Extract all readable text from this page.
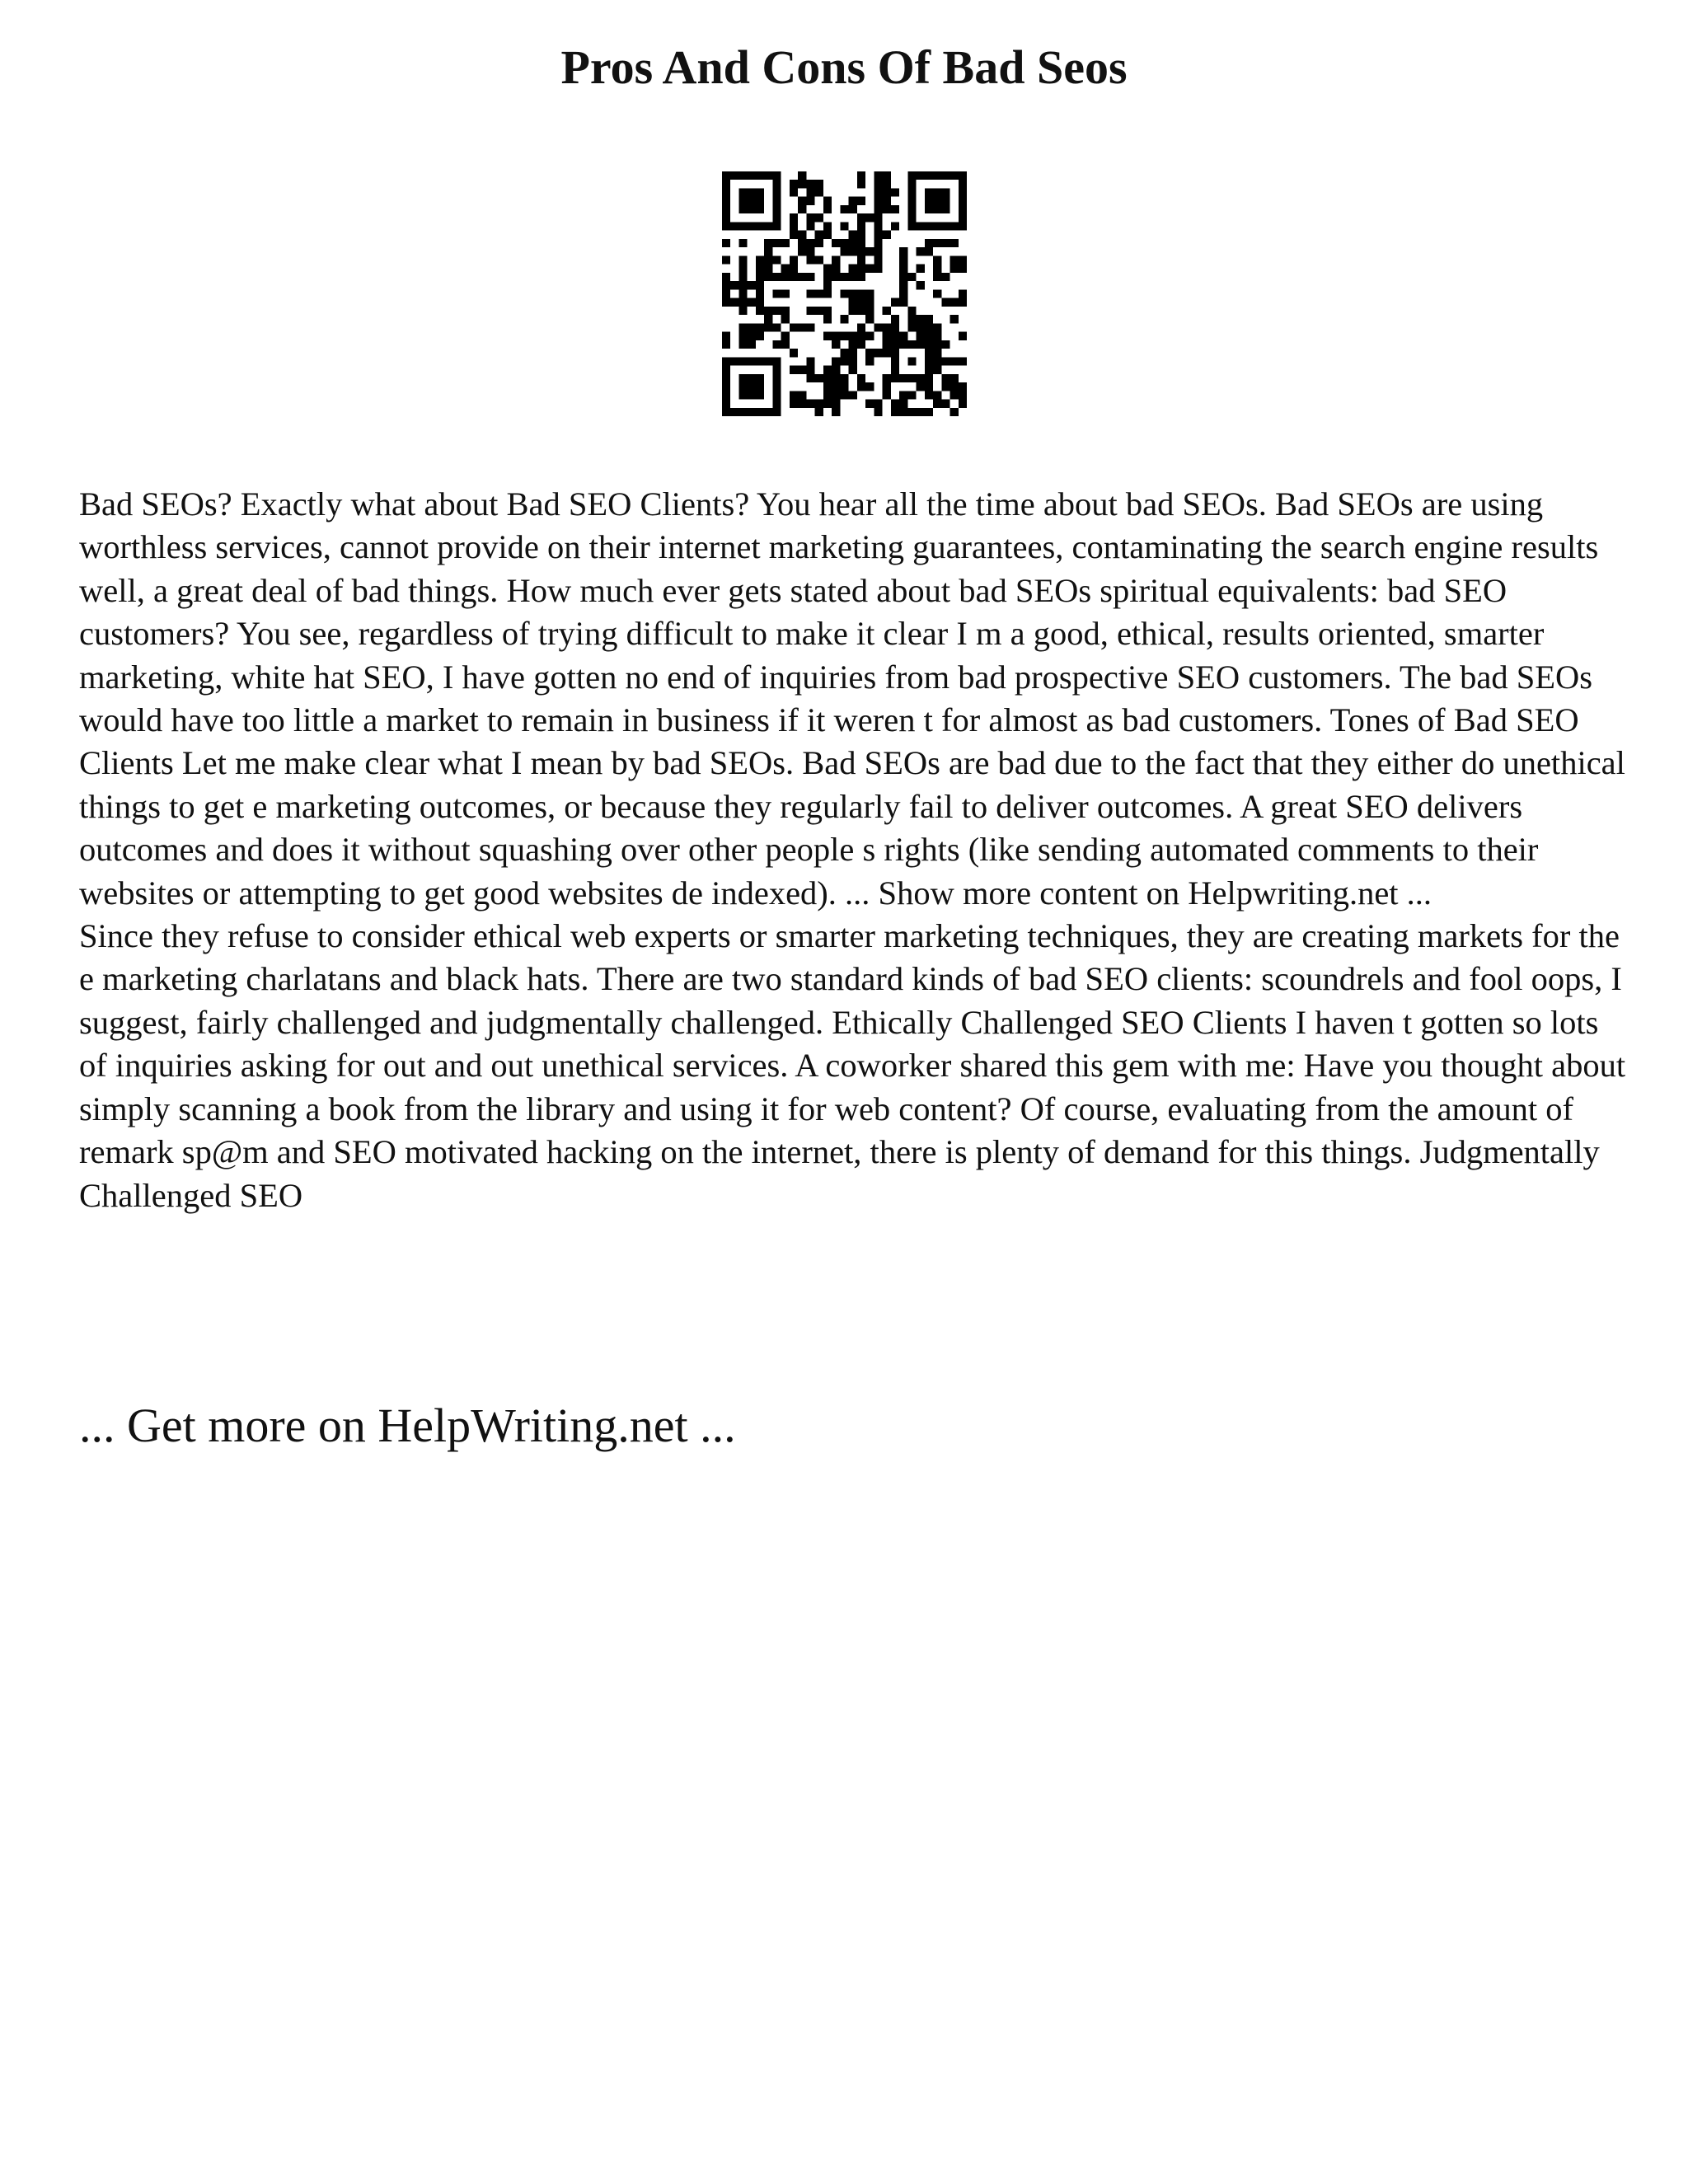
Pros And Cons Of Bad Seos

Bad SEOs? Exactly what about Bad SEO Clients? You hear all the time about bad SEOs. Bad SEOs are using worthless services, cannot provide on their internet marketing guarantees, contaminating the search engine results well, a great deal of bad things. How much ever gets stated about bad SEOs spiritual equivalents: bad SEO customers? You see, regardless of trying difficult to make it clear I m a good, ethical, results oriented, smarter marketing, white hat SEO, I have gotten no end of inquiries from bad prospective SEO customers. The bad SEOs would have too little a market to remain in business if it weren t for almost as bad customers. Tones of Bad SEO Clients Let me make clear what I mean by bad SEOs. Bad SEOs are bad due to the fact that they either do unethical things to get e marketing outcomes, or because they regularly fail to deliver outcomes. A great SEO delivers outcomes and does it without squashing over other people s rights (like sending automated comments to their websites or attempting to get good websites de indexed). ... Show more content on Helpwriting.net ...

Since they refuse to consider ethical web experts or smarter marketing techniques, they are creating markets for the e marketing charlatans and black hats. There are two standard kinds of bad SEO clients: scoundrels and fool oops, I suggest, fairly challenged and judgmentally challenged. Ethically Challenged SEO Clients I haven t gotten so lots of inquiries asking for out and out unethical services. A coworker shared this gem with me: Have you thought about simply scanning a book from the library and using it for web content? Of course, evaluating from the amount of remark sp@m and SEO motivated hacking on the internet, there is plenty of demand for this things. Judgmentally Challenged SEO

... Get more on HelpWriting.net ...
